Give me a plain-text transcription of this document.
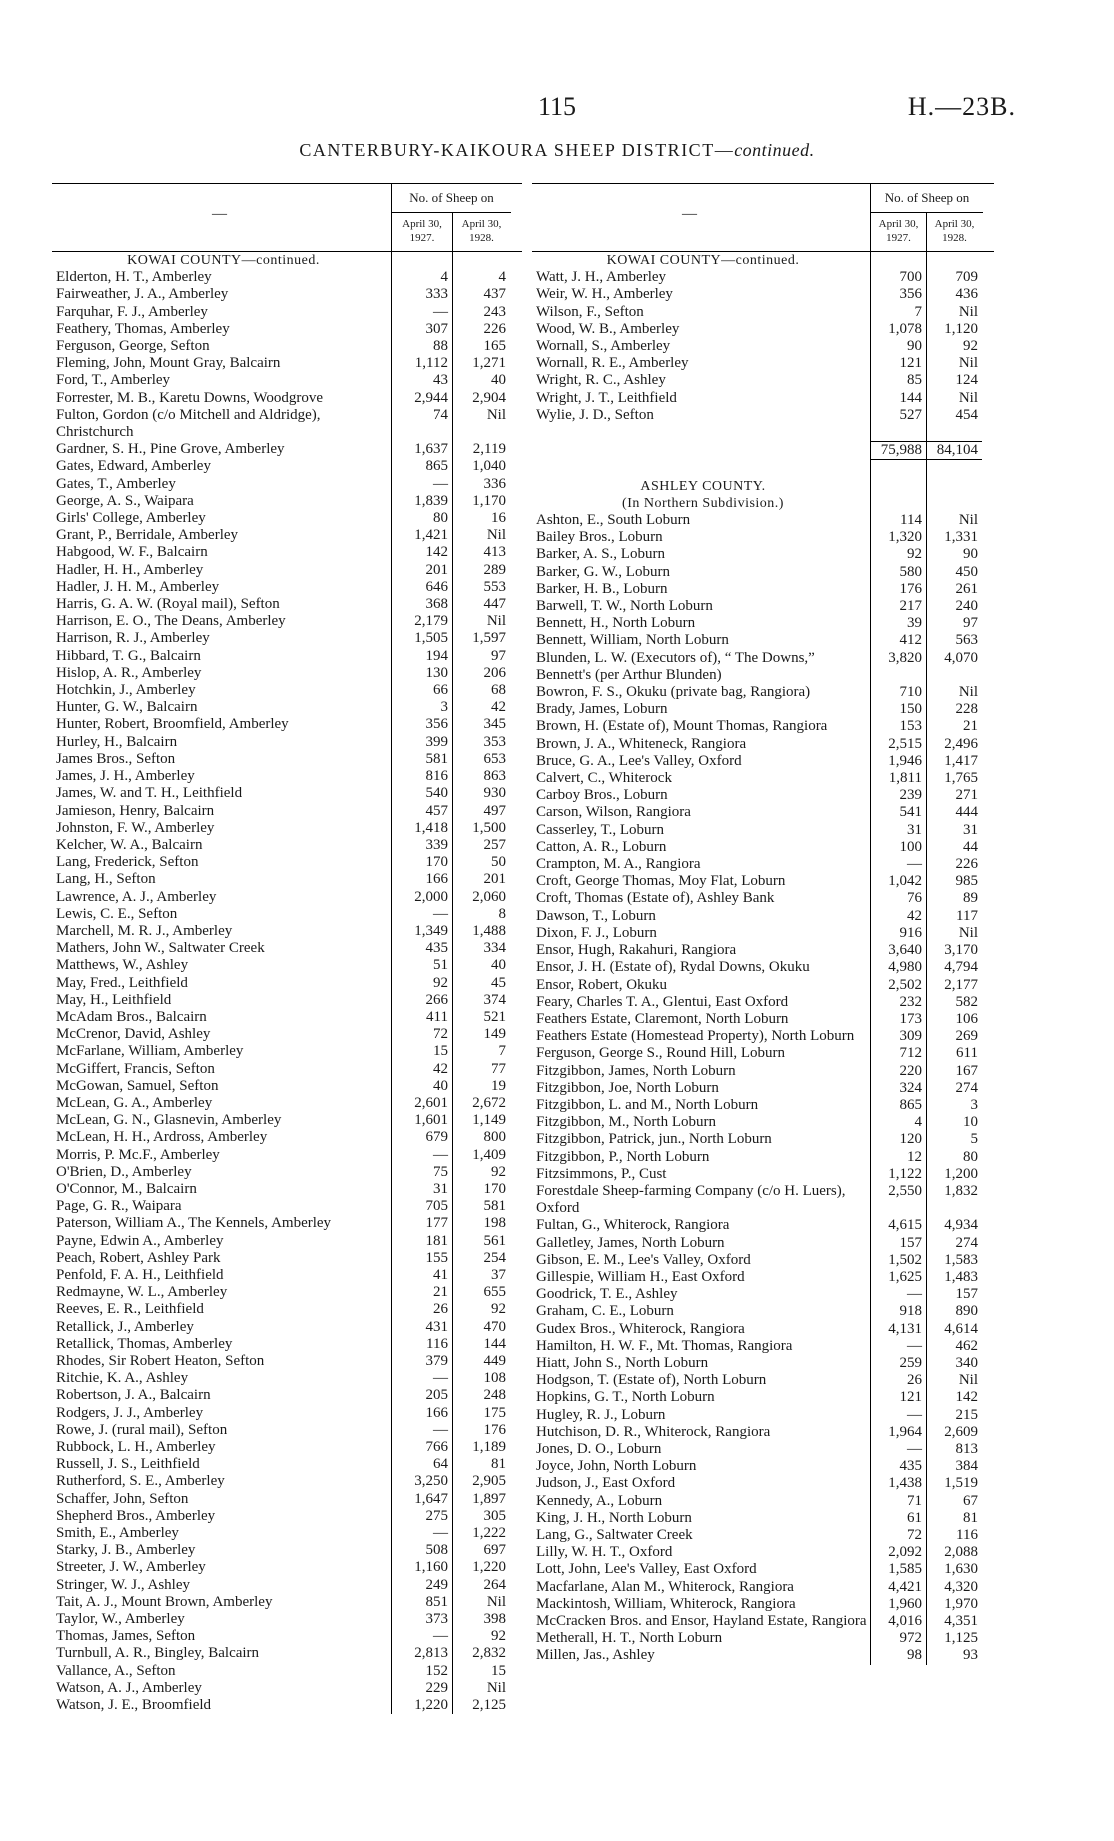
115	H.—23B.
CANTERBURY-KAIKOURA SHEEP DISTRICT—continued.
—
No. of Sheep on
April 30, 1927.
April 30, 1928.
KOWAI COUNTY—continued.
Elderton, H. T., Amberley	4	4
Fairweather, J. A., Amberley	333	437
Farquhar, F. J., Amberley	—	243
Feathery, Thomas, Amberley	307	226
Ferguson, George, Sefton	88	165
Fleming, John, Mount Gray, Balcairn	1,112	1,271
Ford, T., Amberley	43	40
Forrester, M. B., Karetu Downs, Woodgrove	2,944	2,904
Fulton, Gordon (c/o Mitchell and Aldridge), Christchurch
74	Nil
Gardner, S. H., Pine Grove, Amberley	1,637	2,119
Gates, Edward, Amberley	865	1,040
Gates, T., Amberley	—	336
George, A. S., Waipara	1,839	1,170
Girls' College, Amberley	80	16
Grant, P., Berridale, Amberley	1,421	Nil
Habgood, W. F., Balcairn	142	413
Hadler, H. H., Amberley	201	289
Hadler, J. H. M., Amberley	646	553
Harris, G. A. W. (Royal mail), Sefton	368	447
Harrison, E. O., The Deans, Amberley	2,179	Nil
Harrison, R. J., Amberley	1,505	1,597
Hibbard, T. G., Balcairn	194	97
Hislop, A. R., Amberley	130	206
Hotchkin, J., Amberley	66	68
Hunter, G. W., Balcairn	3	42
Hunter, Robert, Broomfield, Amberley	356	345
Hurley, H., Balcairn	399	353
James Bros., Sefton	581	653
James, J. H., Amberley	816	863
James, W. and T. H., Leithfield	540	930
Jamieson, Henry, Balcairn	457	497
Johnston, F. W., Amberley	1,418	1,500
Kelcher, W. A., Balcairn	339	257
Lang, Frederick, Sefton	170	50
Lang, H., Sefton	166	201
Lawrence, A. J., Amberley	2,000	2,060
Lewis, C. E., Sefton	—	8
Marchell, M. R. J., Amberley	1,349	1,488
Mathers, John W., Saltwater Creek	435	334
Matthews, W., Ashley	51	40
May, Fred., Leithfield	92	45
May, H., Leithfield	266	374
McAdam Bros., Balcairn	411	521
McCrenor, David, Ashley	72	149
McFarlane, William, Amberley	15	7
McGiffert, Francis, Sefton	42	77
McGowan, Samuel, Sefton	40	19
McLean, G. A., Amberley	2,601	2,672
McLean, G. N., Glasnevin, Amberley	1,601	1,149
McLean, H. H., Ardross, Amberley	679	800
Morris, P. Mc.F., Amberley	—	1,409
O'Brien, D., Amberley	75	92
O'Connor, M., Balcairn	31	170
Page, G. R., Waipara	705	581
Paterson, William A., The Kennels, Amberley	177	198
Payne, Edwin A., Amberley	181	561
Peach, Robert, Ashley Park	155	254
Penfold, F. A. H., Leithfield	41	37
Redmayne, W. L., Amberley	21	655
Reeves, E. R., Leithfield	26	92
Retallick, J., Amberley	431	470
Retallick, Thomas, Amberley	116	144
Rhodes, Sir Robert Heaton, Sefton	379	449
Ritchie, K. A., Ashley	—	108
Robertson, J. A., Balcairn	205	248
Rodgers, J. J., Amberley	166	175
Rowe, J. (rural mail), Sefton	—	176
Rubbock, L. H., Amberley	766	1,189
Russell, J. S., Leithfield	64	81
Rutherford, S. E., Amberley	3,250	2,905
Schaffer, John, Sefton	1,647	1,897
Shepherd Bros., Amberley	275	305
Smith, E., Amberley	—	1,222
Starky, J. B., Amberley	508	697
Streeter, J. W., Amberley	1,160	1,220
Stringer, W. J., Ashley	249	264
Tait, A. J., Mount Brown, Amberley	851	Nil
Taylor, W., Amberley	373	398
Thomas, James, Sefton	—	92
Turnbull, A. R., Bingley, Balcairn	2,813	2,832
Vallance, A., Sefton	152	15
Watson, A. J., Amberley	229	Nil
Watson, J. E., Broomfield	1,220	2,125
—
No. of Sheep on
April 30, 1927.
April 30, 1928.
KOWAI COUNTY—continued.
Watt, J. H., Amberley	700	709
Weir, W. H., Amberley	356	436
Wilson, F., Sefton	7	Nil
Wood, W. B., Amberley	1,078	1,120
Wornall, S., Amberley	90	92
Wornall, R. E., Amberley	121	Nil
Wright, R. C., Ashley	85	124
Wright, J. T., Leithfield	144	Nil
Wylie, J. D., Sefton	527	454
75,988 84,104
ASHLEY COUNTY.
(In Northern Subdivision.)
Ashton, E., South Loburn	114	Nil
Bailey Bros., Loburn	1,320	1,331
Barker, A. S., Loburn	92	90
Barker, G. W., Loburn	580	450
Barker, H. B., Loburn	176	261
Barwell, T. W., North Loburn	217	240
Bennett, H., North Loburn	39	97
Bennett, William, North Loburn	412	563
Blunden, L. W. (Executors of), “ The Downs,” Bennett's (per Arthur Blunden)
3,820	4,070
Bowron, F. S., Okuku (private bag, Rangiora)	710	Nil
Brady, James, Loburn	150	228
Brown, H. (Estate of), Mount Thomas, Rangiora	153	21
Brown, J. A., Whiteneck, Rangiora	2,515	2,496
Bruce, G. A., Lee's Valley, Oxford	1,946	1,417
Calvert, C., Whiterock	1,811	1,765
Carboy Bros., Loburn	239	271
Carson, Wilson, Rangiora	541	444
Casserley, T., Loburn	31	31
Catton, A. R., Loburn	100	44
Crampton, M. A., Rangiora	—	226
Croft, George Thomas, Moy Flat, Loburn	1,042	985
Croft, Thomas (Estate of), Ashley Bank	76	89
Dawson, T., Loburn	42	117
Dixon, F. J., Loburn	916	Nil
Ensor, Hugh, Rakahuri, Rangiora	3,640	3,170
Ensor, J. H. (Estate of), Rydal Downs, Okuku	4,980	4,794
Ensor, Robert, Okuku	2,502	2,177
Feary, Charles T. A., Glentui, East Oxford	232	582
Feathers Estate, Claremont, North Loburn	173	106
Feathers Estate (Homestead Property), North Loburn	309	269
Ferguson, George S., Round Hill, Loburn	712	611
Fitzgibbon, James, North Loburn	220	167
Fitzgibbon, Joe, North Loburn	324	274
Fitzgibbon, L. and M., North Loburn	865	3
Fitzgibbon, M., North Loburn	4	10
Fitzgibbon, Patrick, jun., North Loburn	120	5
Fitzgibbon, P., North Loburn	12	80
Fitzsimmons, P., Cust	1,122	1,200
Forestdale Sheep-farming Company (c/o H. Luers), Oxford
2,550	1,832
Fultan, G., Whiterock, Rangiora	4,615	4,934
Galletley, James, North Loburn	157	274
Gibson, E. M., Lee's Valley, Oxford	1,502	1,583
Gillespie, William H., East Oxford	1,625	1,483
Goodrick, T. E., Ashley	—	157
Graham, C. E., Loburn	918	890
Gudex Bros., Whiterock, Rangiora	4,131	4,614
Hamilton, H. W. F., Mt. Thomas, Rangiora	—	462
Hiatt, John S., North Loburn	259	340
Hodgson, T. (Estate of), North Loburn	26	Nil
Hopkins, G. T., North Loburn	121	142
Hugley, R. J., Loburn	—	215
Hutchison, D. R., Whiterock, Rangiora	1,964	2,609
Jones, D. O., Loburn	—	813
Joyce, John, North Loburn	435	384
Judson, J., East Oxford	1,438	1,519
Kennedy, A., Loburn	71	67
King, J. H., North Loburn	61	81
Lang, G., Saltwater Creek	72	116
Lilly, W. H. T., Oxford	2,092	2,088
Lott, John, Lee's Valley, East Oxford	1,585	1,630
Macfarlane, Alan M., Whiterock, Rangiora	4,421	4,320
Mackintosh, William, Whiterock, Rangiora	1,960	1,970
McCracken Bros. and Ensor, Hayland Estate, Rangiora	4,016	4,351
Metherall, H. T., North Loburn	972	1,125
Millen, Jas., Ashley	98	93
